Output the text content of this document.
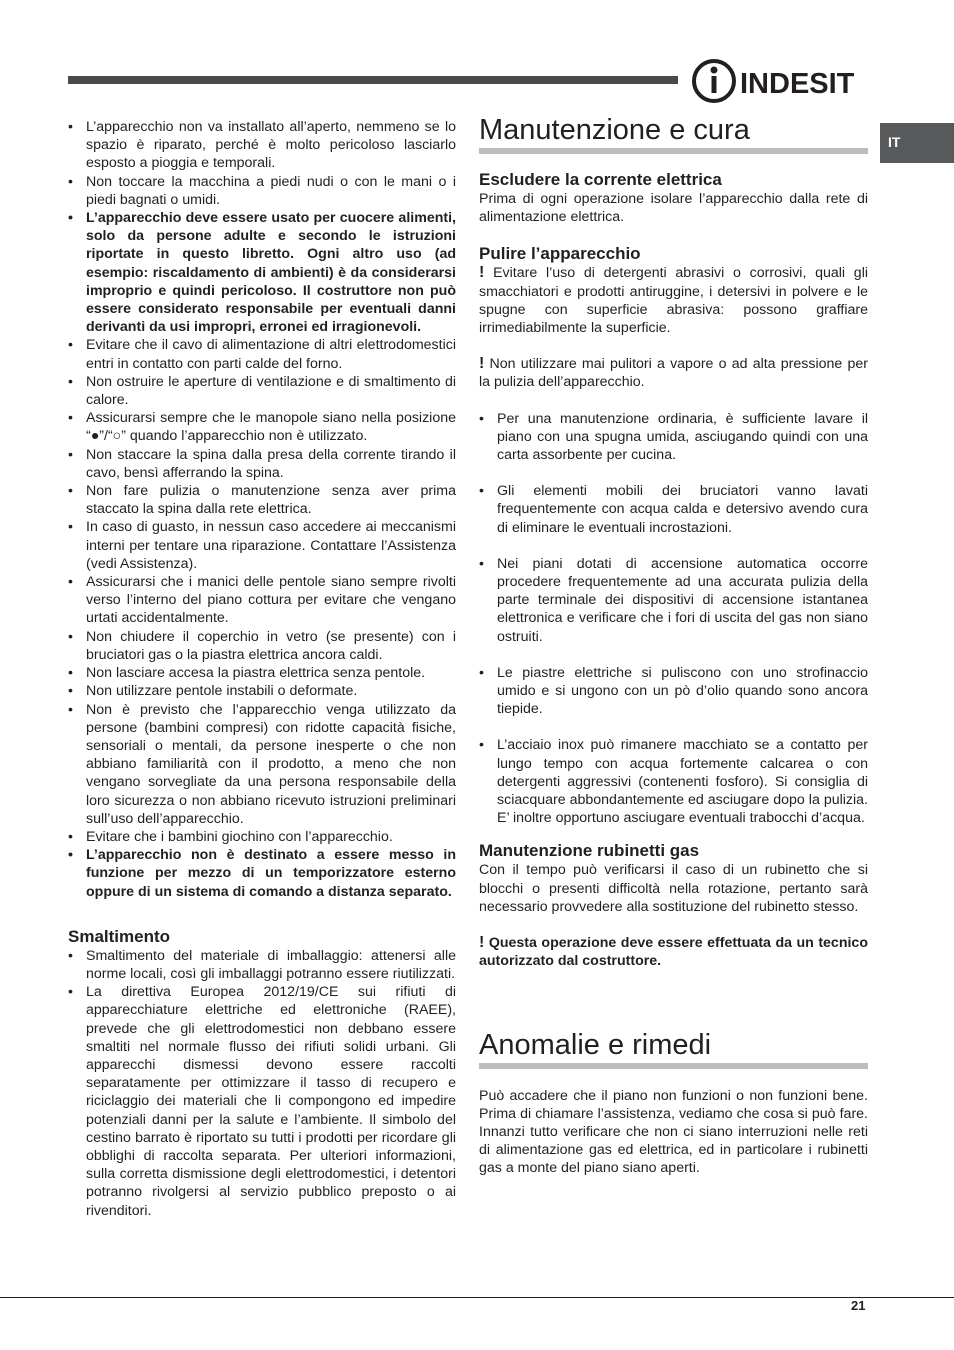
INDESIT
IT
• L’apparecchio non va installato all’aperto, nemmeno se lo spazio è riparato, perché è molto pericoloso lasciarlo esposto a pioggia e temporali.
• Non toccare la macchina a piedi nudi o con le mani o i piedi bagnati o umidi.
• L’apparecchio deve essere usato per cuocere alimenti, solo da persone adulte e secondo le istruzioni riportate in questo libretto. Ogni altro uso (ad esempio: riscaldamento di ambienti) è da considerarsi improprio e quindi pericoloso. Il costruttore non può essere considerato responsabile per eventuali danni derivanti da usi impropri, erronei ed irragionevoli.
• Evitare che il cavo di alimentazione di altri elettrodomestici entri in contatto con parti calde del forno.
• Non ostruire le aperture di ventilazione e di smaltimento di calore.
• Assicurarsi sempre che le manopole siano nella posizione “●”/“○” quando l’apparecchio non è utilizzato.
• Non staccare la spina dalla presa della corrente tirando il cavo, bensì afferrando la spina.
• Non fare pulizia o manutenzione senza aver prima staccato la spina dalla rete elettrica.
• In caso di guasto, in nessun caso accedere ai meccanismi interni per tentare una riparazione. Contattare l’Assistenza (vedi Assistenza).
• Assicurarsi che i manici delle pentole siano sempre rivolti verso l’interno del piano cottura per evitare che vengano urtati accidentalmente.
• Non chiudere il coperchio in vetro (se presente) con i bruciatori gas o la piastra elettrica ancora caldi.
• Non lasciare accesa la piastra elettrica senza pentole.
• Non utilizzare pentole instabili o deformate.
• Non è previsto che l’apparecchio venga utilizzato da persone (bambini compresi) con ridotte capacità fisiche, sensoriali o mentali, da persone inesperte o che non abbiano familiarità con il prodotto, a meno che non vengano sorvegliate da una persona responsabile della loro sicurezza o non abbiano ricevuto istruzioni preliminari sull’uso dell’apparecchio.
• Evitare che i bambini giochino con l’apparecchio.
• L’apparecchio non è destinato a essere messo in funzione per mezzo di un temporizzatore esterno oppure di un sistema di comando a distanza separato.
Smaltimento
• Smaltimento del materiale di imballaggio: attenersi alle norme locali, così gli imballaggi potranno essere riutilizzati.
• La direttiva Europea 2012/19/CE sui rifiuti di apparecchiature elettriche ed elettroniche (RAEE), prevede che gli elettrodomestici non debbano essere smaltiti nel normale flusso dei rifiuti solidi urbani. Gli apparecchi dismessi devono essere raccolti separatamente per ottimizzare il tasso di recupero e riciclaggio dei materiali che li compongono ed impedire potenziali danni per la salute e l’ambiente. Il simbolo del cestino barrato è riportato su tutti i prodotti per ricordare gli obblighi di raccolta separata. Per ulteriori informazioni, sulla corretta dismissione degli elettrodomestici, i detentori potranno rivolgersi al servizio pubblico preposto o ai rivenditori.
Manutenzione e cura
Escludere la corrente elettrica

Prima di ogni operazione isolare l’apparecchio dalla rete di alimentazione elettrica.

Pulire l’apparecchio

! Evitare l’uso di detergenti abrasivi o corrosivi, quali gli smacchiatori e prodotti antiruggine, i detersivi in polvere e le spugne con superficie abrasiva: possono graffiare irrimediabilmente la superficie.

! Non utilizzare mai pulitori a vapore o ad alta pressione per la pulizia dell’apparecchio.

• Per una manutenzione ordinaria, è sufficiente lavare il piano con una spugna umida, asciugando quindi con una carta assorbente per cucina.
• Gli elementi mobili dei bruciatori vanno lavati frequentemente con acqua calda e detersivo avendo cura di eliminare le eventuali incrostazioni.
• Nei piani dotati di accensione automatica occorre procedere frequentemente ad una accurata pulizia della parte terminale dei dispositivi di accensione istantanea elettronica e verificare che i fori di uscita del gas non siano ostruiti.
• Le piastre elettriche si puliscono con uno strofinaccio umido e si ungono con un pò d’olio quando sono ancora tiepide.
• L’acciaio inox può rimanere macchiato se a contatto per lungo tempo con acqua fortemente calcarea o con detergenti aggressivi (contenenti fosforo). Si consiglia di sciacquare abbondantemente ed asciugare dopo la pulizia. E’ inoltre opportuno asciugare eventuali trabocchi d’acqua.
Manutenzione rubinetti gas

Con il tempo può verificarsi il caso di un rubinetto che si blocchi o presenti difficoltà nella rotazione, pertanto sarà necessario provvedere alla sostituzione del rubinetto stesso.

! Questa operazione deve essere effettuata da un tecnico autorizzato dal costruttore.

Anomalie e rimedi

Può accadere che il piano non funzioni o non funzioni bene. Prima di chiamare l’assistenza, vediamo che cosa si può fare. Innanzi tutto verificare che non ci siano interruzioni nelle reti di alimentazione gas ed elettrica, ed in particolare i rubinetti gas a monte del piano siano aperti.

21
